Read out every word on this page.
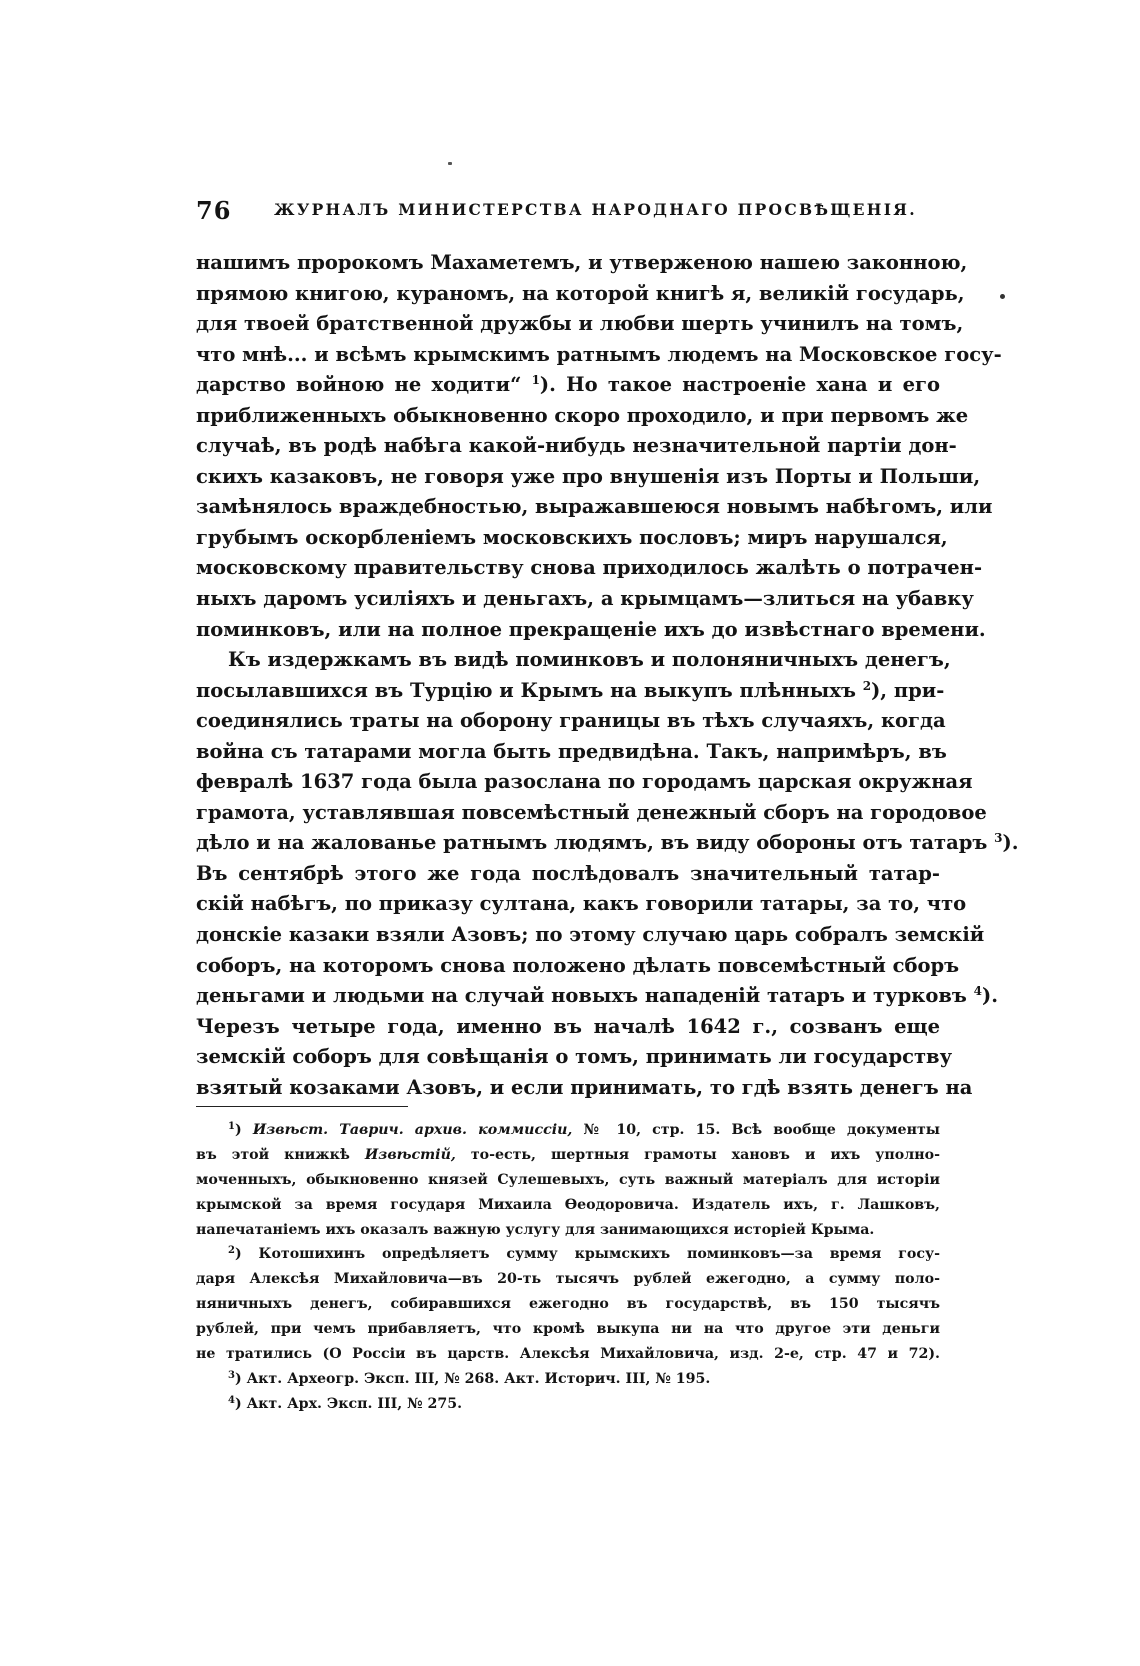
76	ЖУРНАЛЪ МИНИСТЕРСТВА НАРОДНАГО ПРОСВѢЩЕНІЯ.
нашимъ пророкомъ Махаметемъ, и утверженою нашею законною,
прямою книгою, кураномъ, на которой книгѣ я, великій государь,
для твоей братственной дружбы и любви шерть учинилъ на томъ,
что мнѣ... и всѣмъ крымскимъ ратнымъ людемъ на Московское госу-
дарство войною не ходити“ $^1$). Но такое настроеніе хана и его
приближенныхъ обыкновенно скоро проходило, и при первомъ же
случаѣ, въ родѣ набѣга какой-нибудь незначительной партіи дон-
скихъ казаковъ, не говоря уже про внушенія изъ Порты и Польши,
замѣнялось враждебностью, выражавшеюся новымъ набѣгомъ, или
грубымъ оскорбленіемъ московскихъ пословъ; миръ нарушался,
московскому правительству снова приходилось жалѣть о потрачен-
ныхъ даромъ усиліяхъ и деньгахъ, а крымцамъ—злиться на убавку
поминковъ, или на полное прекращеніе ихъ до извѣстнаго времени.
Къ издержкамъ въ видѣ поминковъ и полоняничныхъ денегъ,
посылавшихся въ Турцію и Крымъ на выкупъ плѣнныхъ $^2$), при-
соединялись траты на оборону границы въ тѣхъ случаяхъ, когда
война съ татарами могла быть предвидѣна. Такъ, напримѣръ, въ
февралѣ 1637 года была разослана по городамъ царская окружная
грамота, уставлявшая повсемѣстный денежный сборъ на городовое
дѣло и на жалованье ратнымъ людямъ, въ виду обороны отъ татаръ $^3$).
Въ сентябрѣ этого же года послѣдовалъ значительный татар-
скій набѣгъ, по приказу султана, какъ говорили татары, за то, что
донскіе казаки взяли Азовъ; по этому случаю царь собралъ земскій
соборъ, на которомъ снова положено дѣлать повсемѣстный сборъ
деньгами и людьми на случай новыхъ нападеній татаръ и турковъ $^4$).
Черезъ четыре года, именно въ началѣ 1642 г., созванъ еще
земскій соборъ для совѣщанія о томъ, принимать ли государству
взятый козаками Азовъ, и если принимать, то гдѣ взять денегъ на
$^1$) Извѣст. Таврич. архив. коммиссіи, № 10, стр. 15. Всѣ вообще документы
въ этой книжкѣ Извѣстій, то-есть, шертныя грамоты хановъ и ихъ уполно-
моченныхъ, обыкновенно князей Сулешевыхъ, суть важный матеріалъ для исторіи
крымской за время государя Михаила Ѳеодоровича. Издатель ихъ, г. Лашковъ,
напечатаніемъ ихъ оказалъ важную услугу для занимающихся исторіей Крыма.
$^2$) Котошихинъ опредѣляетъ сумму крымскихъ поминковъ—за время госу-
даря Алексѣя Михайловича—въ 20-ть тысячъ рублей ежегодно, а сумму поло-
няничныхъ денегъ, собиравшихся ежегодно въ государствѣ, въ 150 тысячъ
рублей, при чемъ прибавляетъ, что кромѣ выкупа ни на что другое эти деньги
не тратились (О Россіи въ царств. Алексѣя Михайловича, изд. 2-е, стр. 47 и 72).
$^3$) Акт. Археогр. Эксп. III, № 268. Акт. Историч. III, № 195.
$^4$) Акт. Арх. Эксп. III, № 275.
